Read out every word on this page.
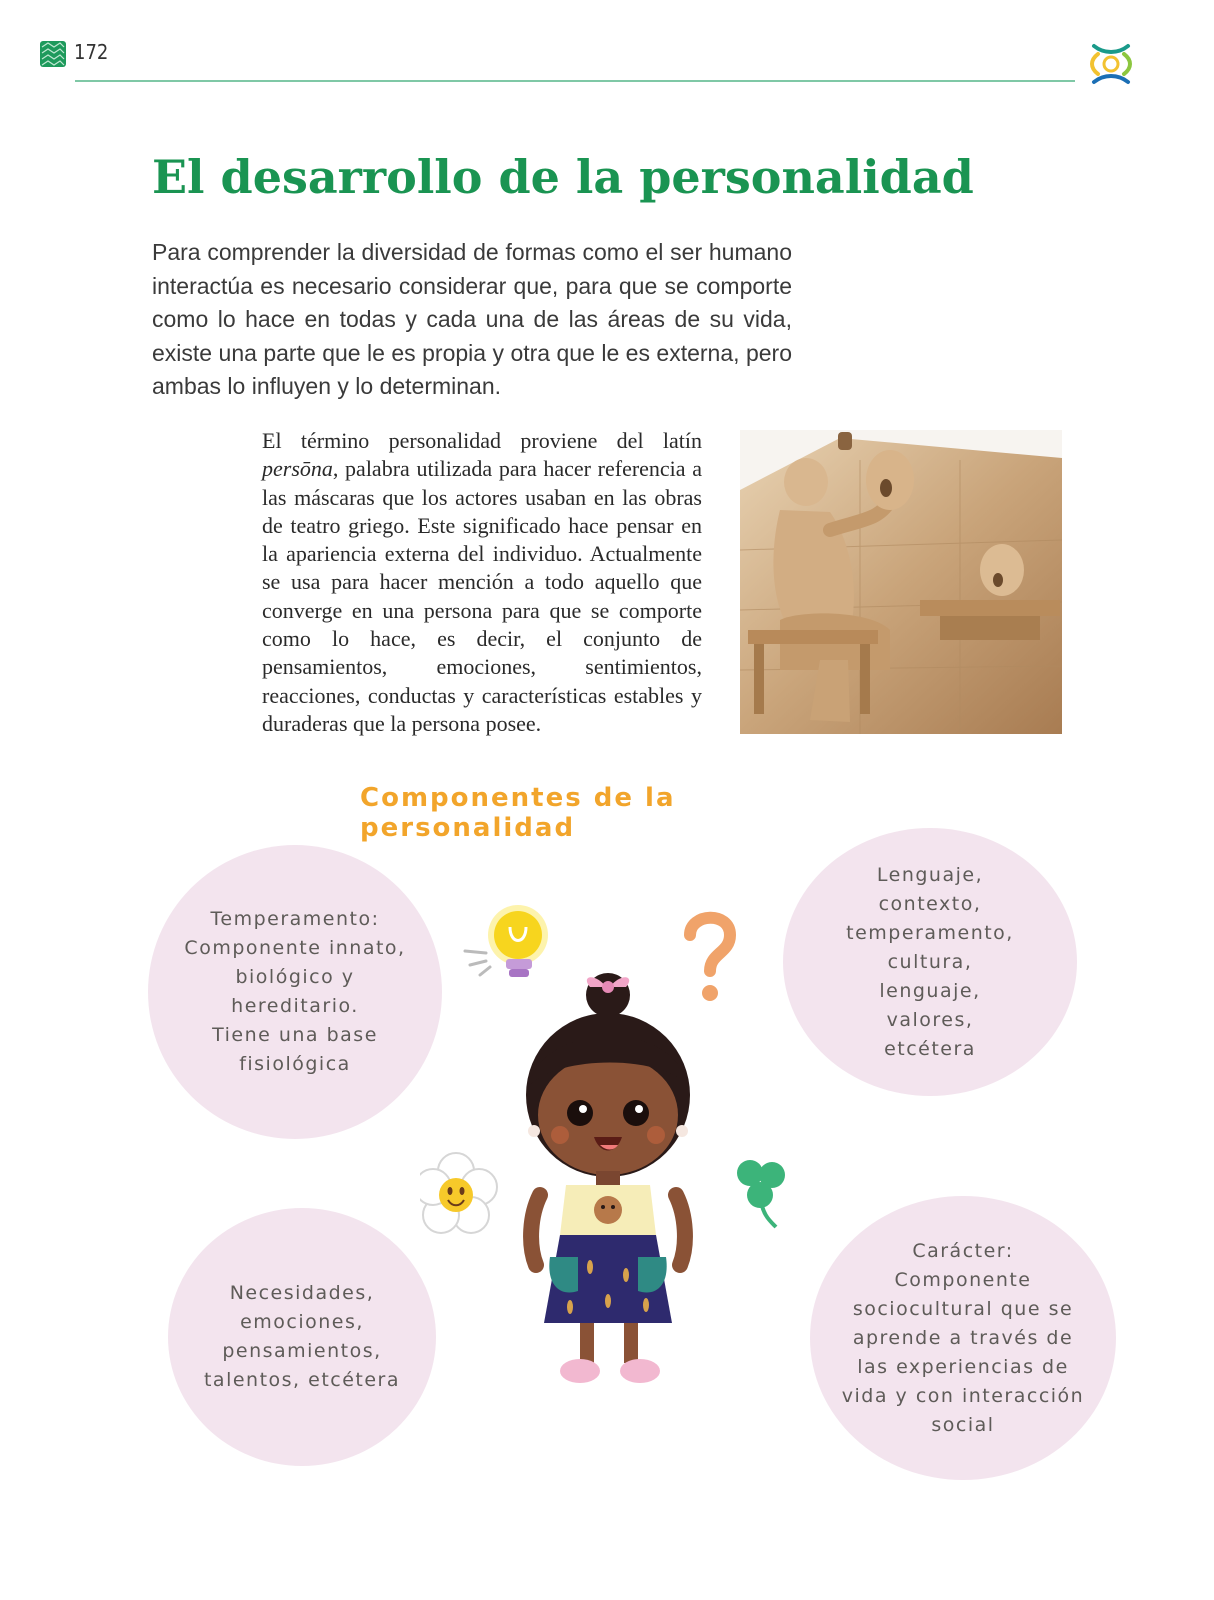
172
El desarrollo de la personalidad

Para comprender la diversidad de formas como el ser humano interactúa es necesario considerar que, para que se comporte como lo hace en todas y cada una de las áreas de su vida, existe una parte que le es propia y otra que le es externa, pero ambas lo influyen y lo determinan.

El término personalidad proviene del latín persōna, palabra utilizada para hacer referencia a las máscaras que los actores usaban en las obras de teatro griego. Este significado hace pensar en la apariencia externa del individuo. Actualmente se usa para hacer mención a todo aquello que converge en una persona para que se comporte como lo hace, es decir, el conjunto de pensamientos, emociones, sentimientos, reacciones, conductas y características estables y duraderas que la persona posee.

Componentes de la personalidad

Temperamento:
Componente innato,
biológico y
hereditario.
Tiene una base
fisiológica

Lenguaje,
contexto,
temperamento,
cultura,
lenguaje,
valores,
etcétera

Necesidades,
emociones,
pensamientos,
talentos, etcétera

Carácter:
Componente
sociocultural que se
aprende a través de
las experiencias de
vida y con interacción
social
